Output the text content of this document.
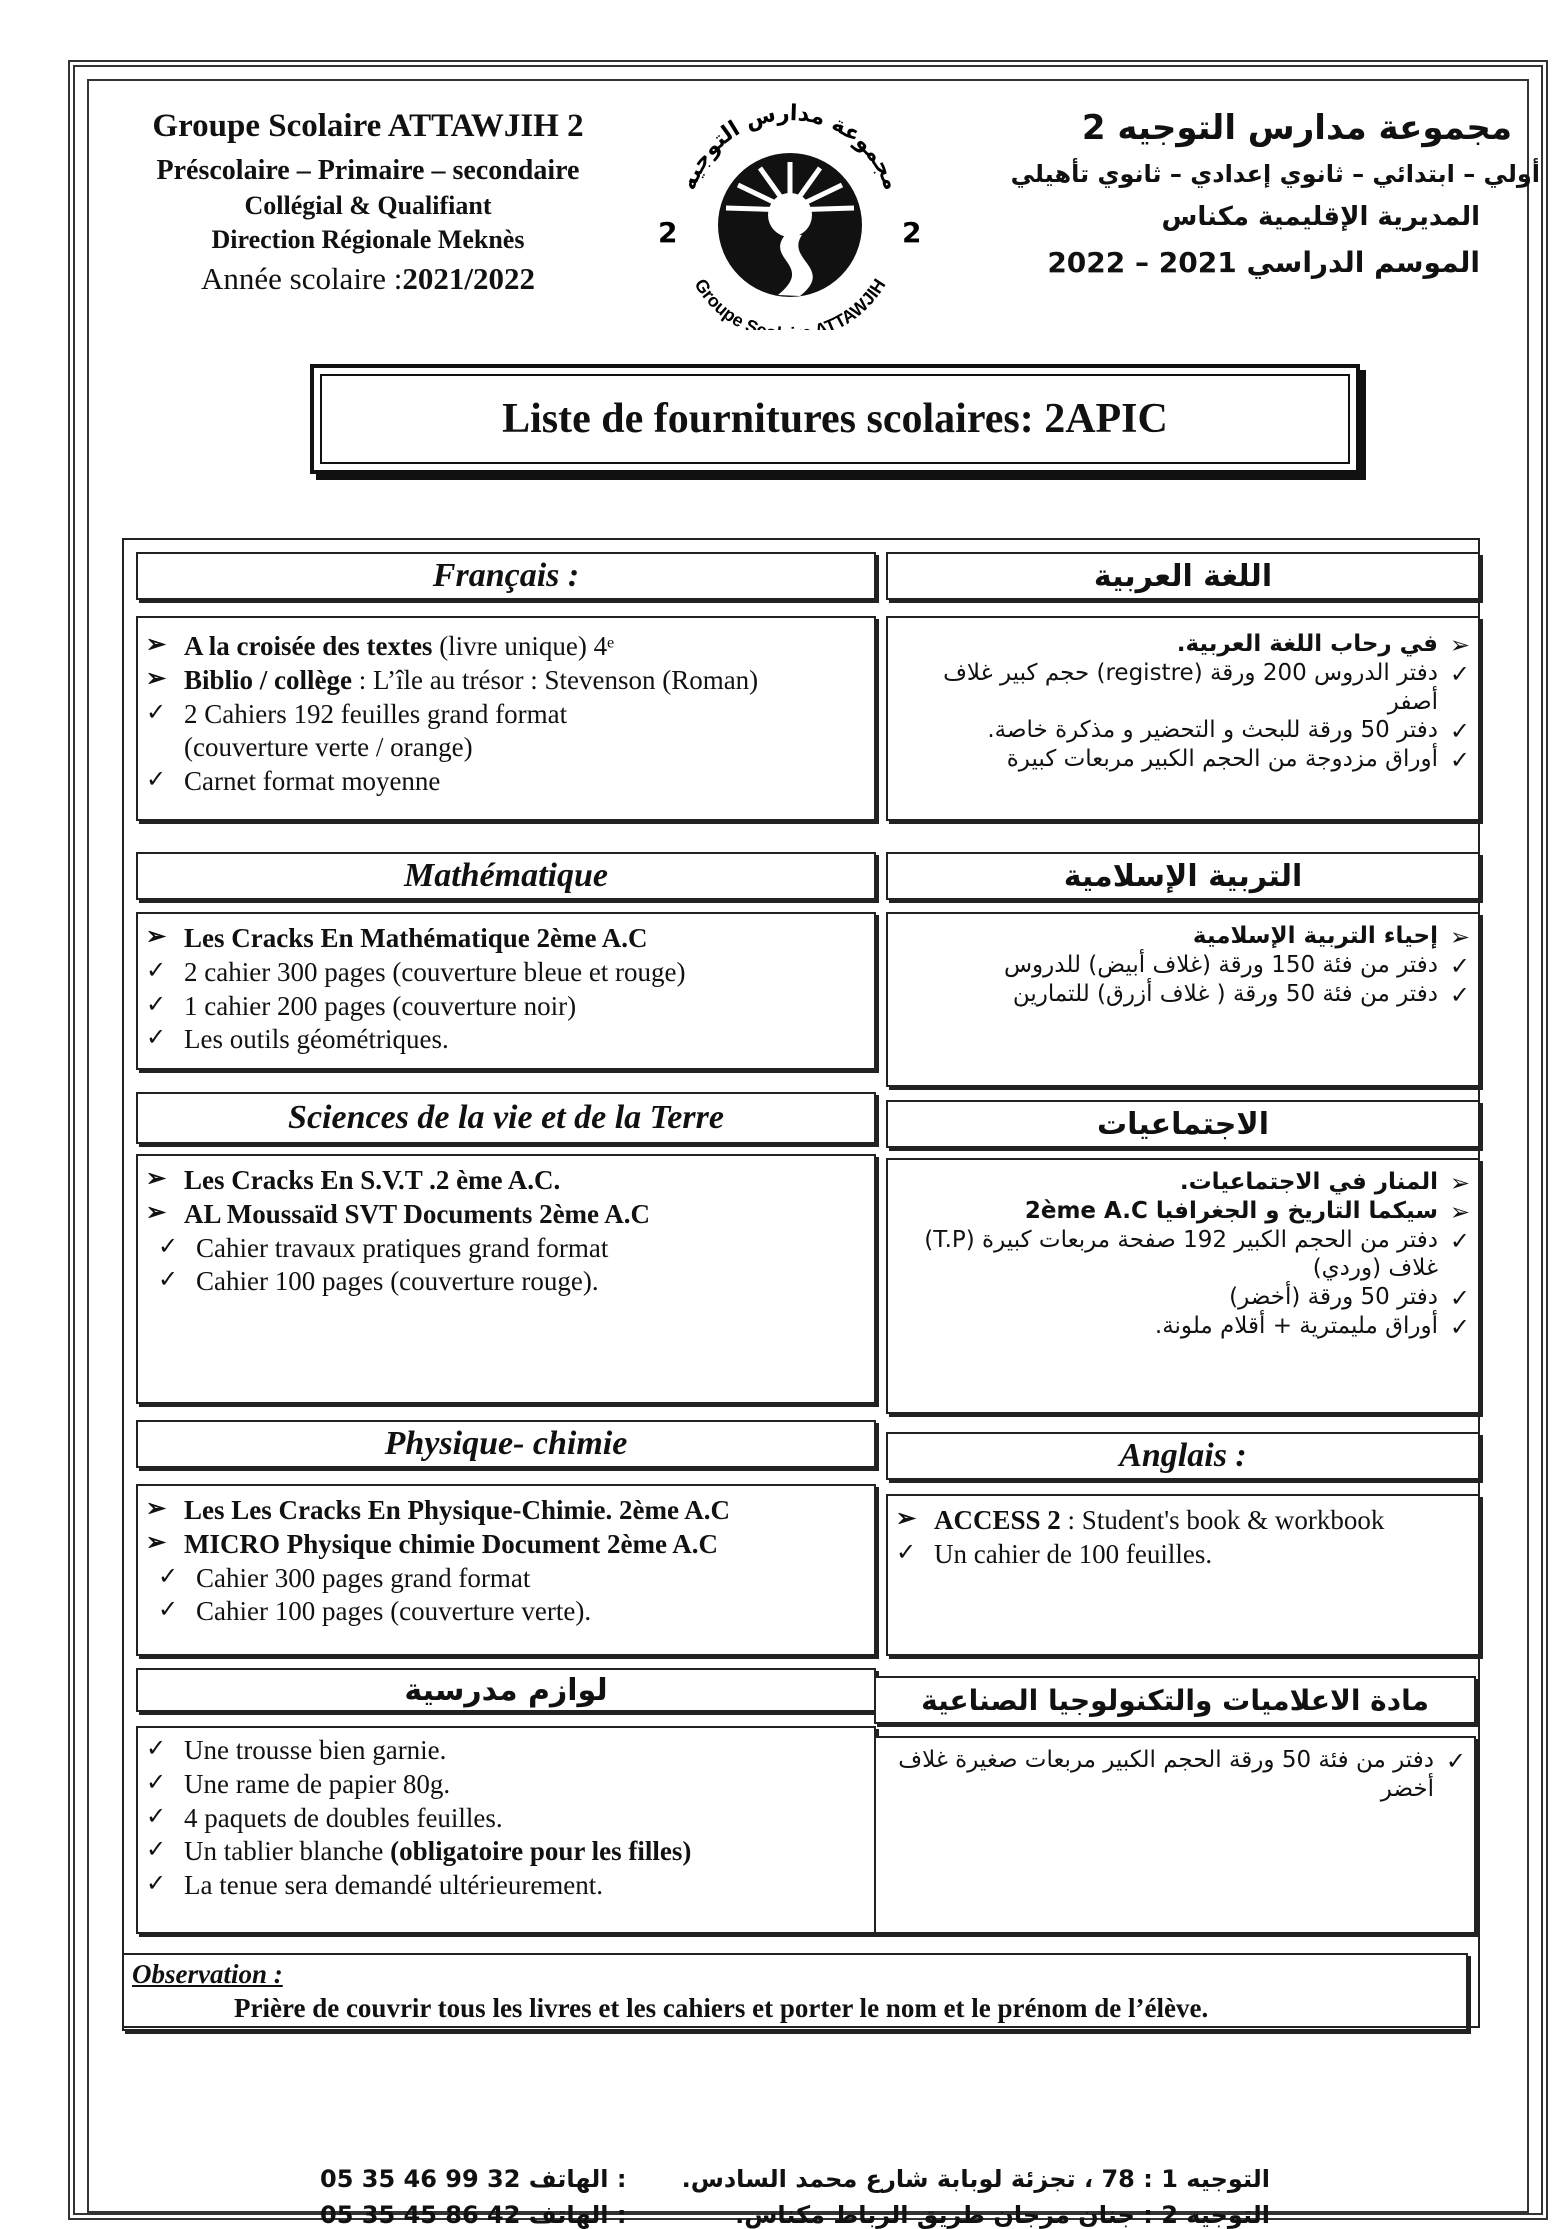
Groupe Scolaire ATTAWJIH 2
Préscolaire – Primaire – secondaire
Collégial & Qualifiant
Direction Régionale Meknès
Année scolaire :2021/2022
2	2
مجموعة مدارس التوجيه
Groupe S ATTAWJIH
مجموعة مدارس التوجيه 2
أولي – ابتدائي – ثانوي إعدادي – ثانوي تأهيلي
المديرية الإقليمية مكناس
الموسم الدراسي 2021 – 2022
Liste de fournitures scolaires: 2APIC
Français :
➢ A la croisée des textes (livre unique) 4ᵉ
➢ Biblio / collège : L’île au trésor : Stevenson (Roman)
✓ 2 Cahiers 192 feuilles grand format
(couverture verte / orange)
✓ Carnet format moyenne
اللغة العربية
➢
في رحاب اللغة العربية.
✓
دفتر الدروس 200 ورقة (registre) حجم كبير غلاف أصفر
✓
دفتر 50 ورقة للبحث و التحضير و مذكرة خاصة.
✓
أوراق مزدوجة من الحجم الكبير مربعات كبيرة
Mathématique
➢ Les Cracks En Mathématique 2ème A.C
✓ 2 cahier 300 pages (couverture bleue et rouge)
✓ 1 cahier 200 pages (couverture noir)
✓ Les outils géométriques.
التربية الإسلامية
➢
إحياء التربية الإسلامية
✓
دفتر من فئة 150 ورقة (غلاف أبيض) للدروس
✓
دفتر من فئة 50 ورقة ( غلاف أزرق) للتمارين
Sciences de la vie et de la Terre
➢ Les Cracks En S.V.T .2 ème A.C.
➢ AL Moussaïd SVT Documents 2ème A.C
✓ Cahier travaux pratiques grand format
✓ Cahier 100 pages (couverture rouge).
الاجتماعيات
➢
المنار في الاجتماعيات.
➢
سيكما التاريخ و الجغرافيا 2ème A.C
✓
دفتر من الحجم الكبير 192 صفحة مربعات كبيرة (T.P) غلاف (وردي)
✓
دفتر 50 ورقة (أخضر)
✓
أوراق مليمترية + أقلام ملونة.
Physique- chimie
➢ Les Les Cracks En Physique-Chimie. 2ème A.C
➢ MICRO Physique chimie Document 2ème A.C
✓ Cahier 300 pages grand format
✓ Cahier 100 pages (couverture verte).
Anglais :
➢ ACCESS 2 : Student's book & workbook
✓ Un cahier de 100 feuilles.
لوازم مدرسية
✓ Une trousse bien garnie.
✓ Une rame de papier 80g.
✓ 4 paquets de doubles feuilles.
✓ Un tablier blanche (obligatoire pour les filles)
✓ La tenue sera demandé ultérieurement.
مادة الاعلاميات والتكنولوجيا الصناعية
✓
دفتر من فئة 50 ورقة الحجم الكبير مربعات صغيرة غلاف أخضر
Observation :
Prière de couvrir tous les livres et les cahiers et porter le nom et le prénom de l’élève.
التوجيه 1 : 78 ، تجزئة لوبابة شارع محمد السادس.
05 35 46 99 32 الهاتف :
التوجيه 2 : جنان مرجان طريق الرباط مكناس.
05 35 45 86 42 الهاتف :
